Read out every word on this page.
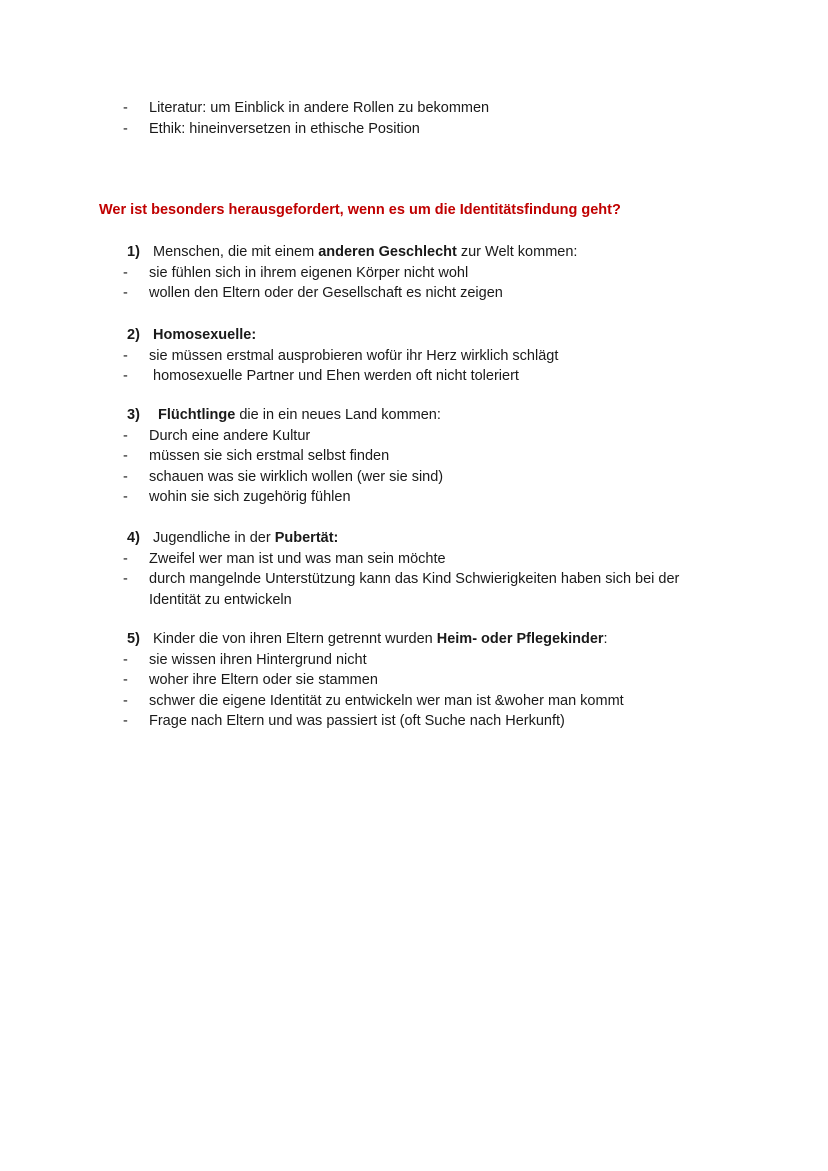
- Literatur: um Einblick in andere Rollen zu bekommen
- Ethik: hineinversetzen in ethische Position
Wer ist besonders herausgefordert, wenn es um die Identitätsfindung geht?
1) Menschen, die mit einem anderen Geschlecht zur Welt kommen:
- sie fühlen sich in ihrem eigenen Körper nicht wohl
- wollen den Eltern oder der Gesellschaft es nicht zeigen
2) Homosexuelle:
- sie müssen erstmal ausprobieren wofür ihr Herz wirklich schlägt
- homosexuelle Partner und Ehen werden oft nicht toleriert
3) Flüchtlinge die in ein neues Land kommen:
- Durch eine andere Kultur
- müssen sie sich erstmal selbst finden
- schauen was sie wirklich wollen (wer sie sind)
- wohin sie sich zugehörig fühlen
4) Jugendliche in der Pubertät:
- Zweifel wer man ist und was man sein möchte
- durch mangelnde Unterstützung kann das Kind Schwierigkeiten haben sich bei der Identität zu entwickeln
5) Kinder die von ihren Eltern getrennt wurden Heim- oder Pflegekinder:
- sie wissen ihren Hintergrund nicht
- woher ihre Eltern oder sie stammen
- schwer die eigene Identität zu entwickeln wer man ist &woher man kommt
- Frage nach Eltern und was passiert ist (oft Suche nach Herkunft)
